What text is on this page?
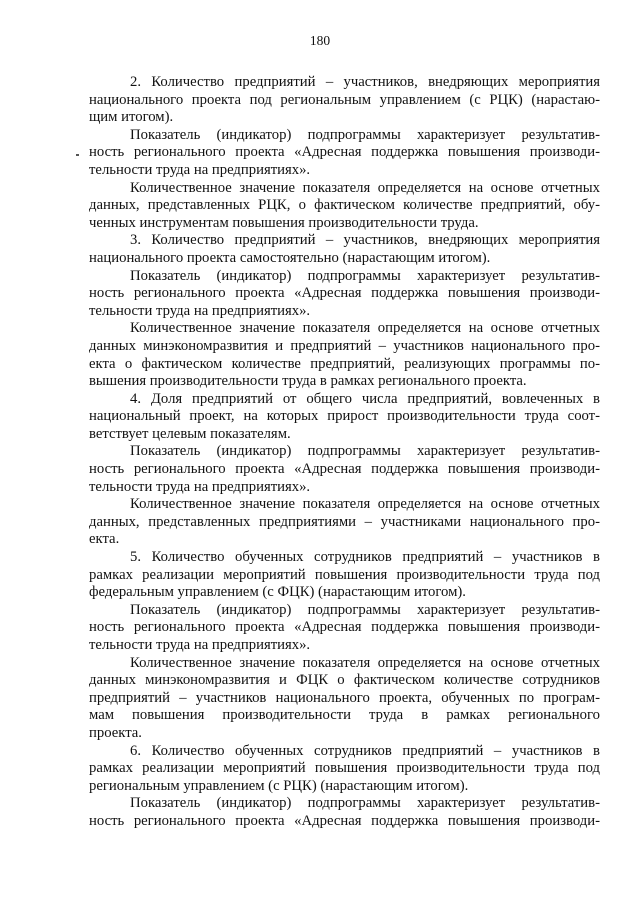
180
2. Количество предприятий – участников, внедряющих мероприятия
национального проекта под региональным управлением (с РЦК) (нарастаю-
щим итогом).
Показатель (индикатор) подпрограммы характеризует результатив-
ность регионального проекта «Адресная поддержка повышения производи-
тельности труда на предприятиях».
Количественное значение показателя определяется на основе отчетных
данных, представленных РЦК, о фактическом количестве предприятий, обу-
ченных инструментам повышения производительности труда.
3. Количество предприятий – участников, внедряющих мероприятия
национального проекта самостоятельно (нарастающим итогом).
Показатель (индикатор) подпрограммы характеризует результатив-
ность регионального проекта «Адресная поддержка повышения производи-
тельности труда на предприятиях».
Количественное значение показателя определяется на основе отчетных
данных минэкономразвития и предприятий – участников национального про-
екта о фактическом количестве предприятий, реализующих программы по-
вышения производительности труда в рамках регионального проекта.
4. Доля предприятий от общего числа предприятий, вовлеченных в
национальный проект, на которых прирост производительности труда соот-
ветствует целевым показателям.
Показатель (индикатор) подпрограммы характеризует результатив-
ность регионального проекта «Адресная поддержка повышения производи-
тельности труда на предприятиях».
Количественное значение показателя определяется на основе отчетных
данных, представленных предприятиями – участниками национального про-
екта.
5. Количество обученных сотрудников предприятий – участников в
рамках реализации мероприятий повышения производительности труда под
федеральным управлением (с ФЦК) (нарастающим итогом).
Показатель (индикатор) подпрограммы характеризует результатив-
ность регионального проекта «Адресная поддержка повышения производи-
тельности труда на предприятиях».
Количественное значение показателя определяется на основе отчетных
данных минэкономразвития и ФЦК о фактическом количестве сотрудников
предприятий – участников национального проекта, обученных по програм-
мам повышения производительности труда в рамках регионального
проекта.
6. Количество обученных сотрудников предприятий – участников в
рамках реализации мероприятий повышения производительности труда под
региональным управлением (с РЦК) (нарастающим итогом).
Показатель (индикатор) подпрограммы характеризует результатив-
ность регионального проекта «Адресная поддержка повышения производи-
